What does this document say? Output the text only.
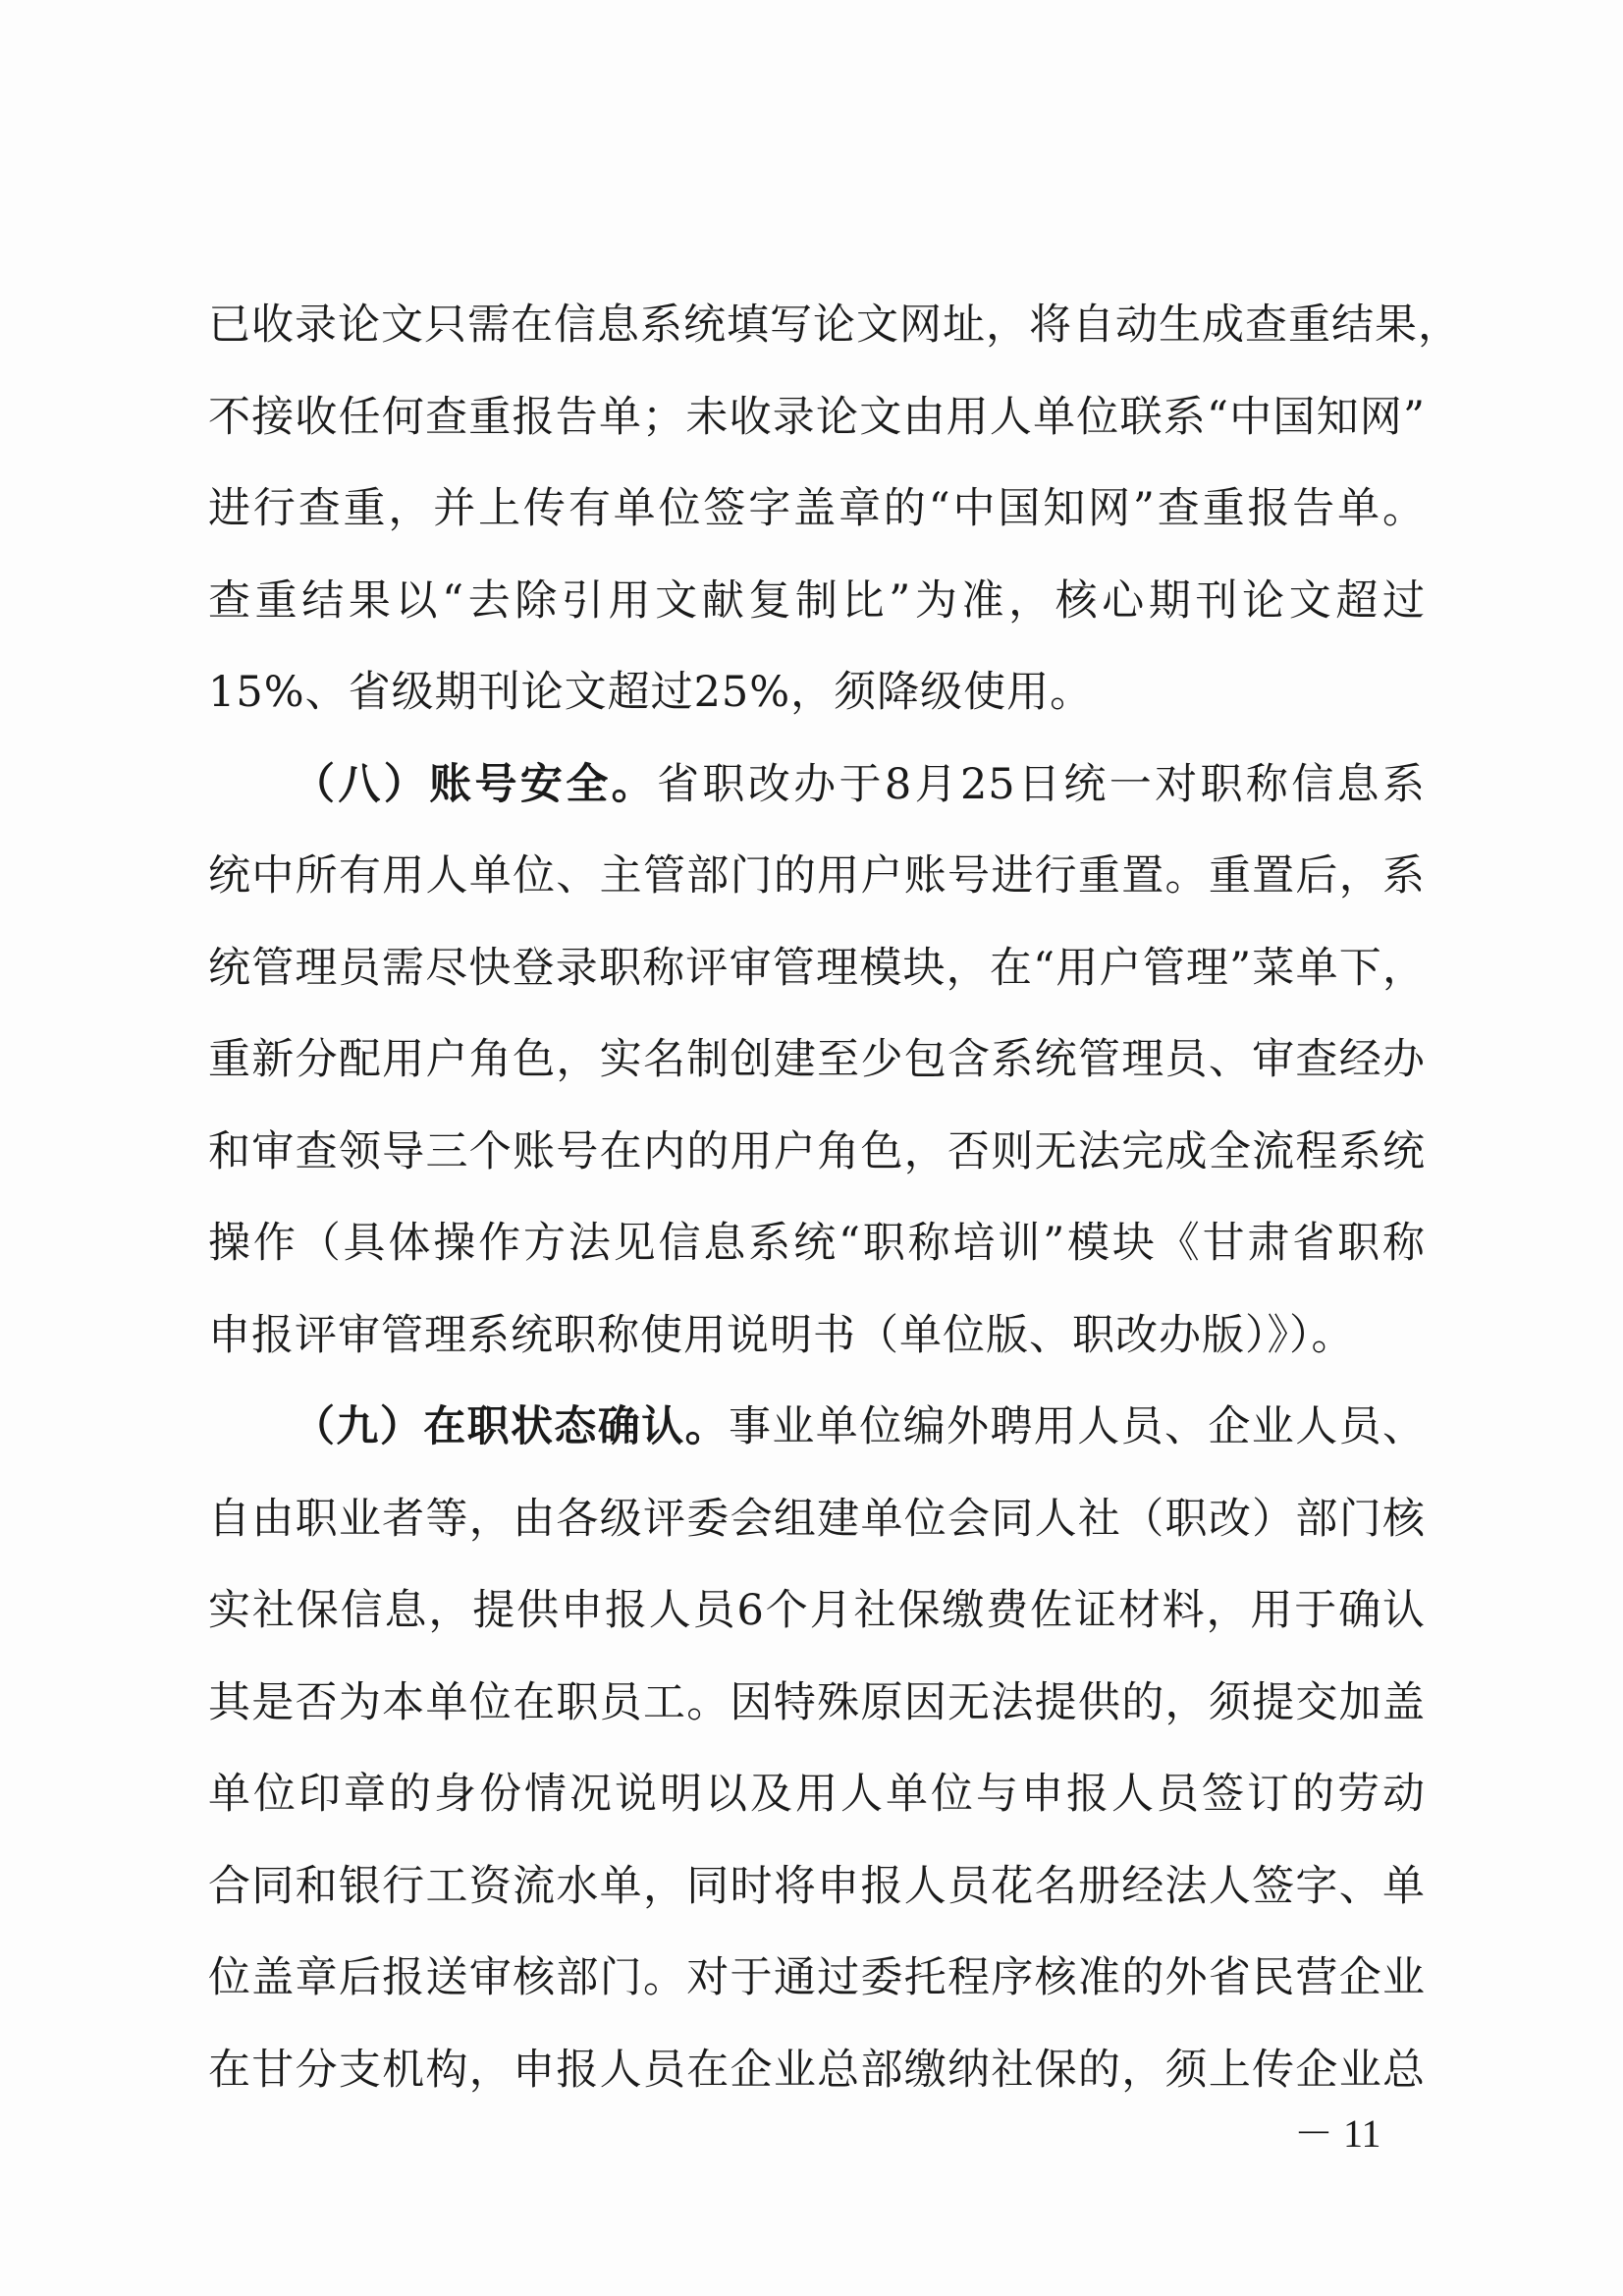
已收录论文只需在信息系统填写论文网址，将自动生成查重结果，
不接收任何查重报告单；未收录论文由用人单位联系“中国知网”
进行查重，并上传有单位签字盖章的“中国知网”查重报告单。
查重结果以“去除引用文献复制比”为准，核心期刊论文超过
15%、省级期刊论文超过25%，须降级使用。
（八）账号安全。省职改办于8月25日统一对职称信息系
统中所有用人单位、主管部门的用户账号进行重置。重置后，系
统管理员需尽快登录职称评审管理模块，在“用户管理”菜单下，
重新分配用户角色，实名制创建至少包含系统管理员、审查经办
和审查领导三个账号在内的用户角色，否则无法完成全流程系统
操作（具体操作方法见信息系统“职称培训”模块《甘肃省职称
申报评审管理系统职称使用说明书（单位版、职改办版）》）。
（九）在职状态确认。事业单位编外聘用人员、企业人员、
自由职业者等，由各级评委会组建单位会同人社（职改）部门核
实社保信息，提供申报人员6个月社保缴费佐证材料，用于确认
其是否为本单位在职员工。因特殊原因无法提供的，须提交加盖
单位印章的身份情况说明以及用人单位与申报人员签订的劳动
合同和银行工资流水单，同时将申报人员花名册经法人签字、单
位盖章后报送审核部门。对于通过委托程序核准的外省民营企业
在甘分支机构，申报人员在企业总部缴纳社保的，须上传企业总
－ 11
